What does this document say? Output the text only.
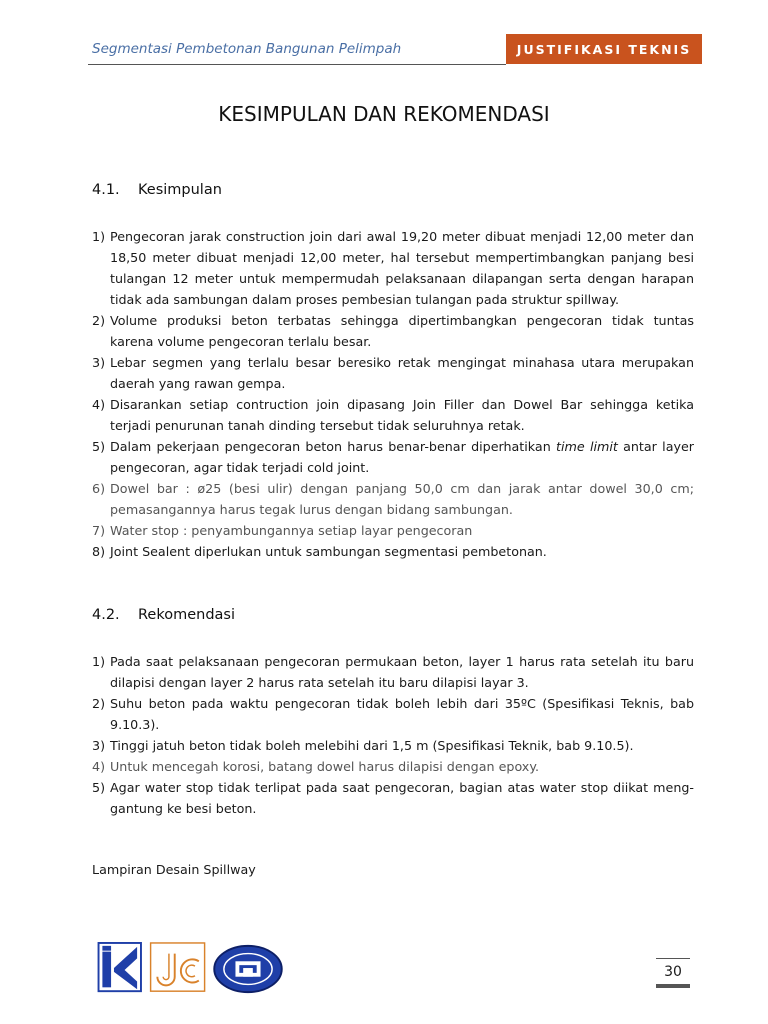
Segmentasi Pembetonan Bangunan Pelimpah	JUSTIFIKASI TEKNIS
KESIMPULAN DAN REKOMENDASI
4.1. Kesimpulan
1) Pengecoran jarak construction join dari awal 19,20 meter dibuat menjadi 12,00 meter dan 18,50 meter dibuat menjadi 12,00 meter, hal tersebut mempertimbangkan panjang besi tulangan 12 meter untuk mempermudah pelaksanaan dilapangan serta dengan harapan tidak ada sambungan dalam proses pembesian tulangan pada struktur spillway.
2) Volume produksi beton terbatas sehingga dipertimbangkan pengecoran tidak tuntas karena volume pengecoran terlalu besar.
3) Lebar segmen yang terlalu besar beresiko retak mengingat minahasa utara merupakan daerah yang rawan gempa.
4) Disarankan setiap contruction join dipasang Join Filler dan Dowel Bar sehingga ketika terjadi penurunan tanah dinding tersebut tidak seluruhnya retak.
5) Dalam pekerjaan pengecoran beton harus benar-benar diperhatikan time limit antar layer pengecoran, agar tidak terjadi cold joint.
6) Dowel bar : ø25 (besi ulir) dengan panjang 50,0 cm dan jarak antar dowel 30,0 cm; pemasangannya harus tegak lurus dengan bidang sambungan.
7) Water stop : penyambungannya setiap layar pengecoran
8) Joint Sealent diperlukan untuk sambungan segmentasi pembetonan.
4.2. Rekomendasi
1) Pada saat pelaksanaan pengecoran permukaan beton, layer 1 harus rata setelah itu baru dilapisi dengan layer 2 harus rata setelah itu baru dilapisi layar 3.
2) Suhu beton pada waktu pengecoran tidak boleh lebih dari 35ºC (Spesifikasi Teknis, bab 9.10.3).
3) Tinggi jatuh beton tidak boleh melebihi dari 1,5 m (Spesifikasi Teknik, bab 9.10.5).
4) Untuk mencegah korosi, batang dowel harus dilapisi dengan epoxy.
5) Agar water stop tidak terlipat pada saat pengecoran, bagian atas water stop diikat meng-gantung ke besi beton.
Lampiran Desain Spillway
30
